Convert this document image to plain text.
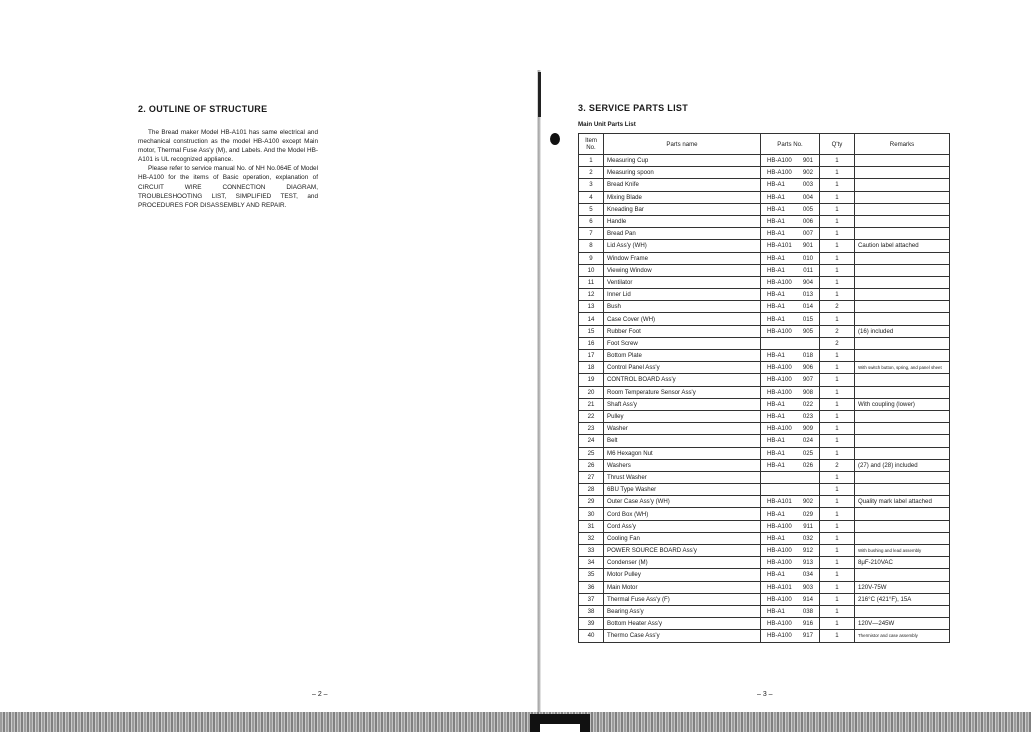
2. OUTLINE OF STRUCTURE

The Bread maker Model HB-A101 has same electrical and mechanical construction as the model HB-A100 except Main motor, Thermal Fuse Ass'y (M), and Labels. And the Model HB-A101 is UL recognized appliance.

Please refer to service manual No. of NH No.064E of Model HB-A100 for the items of Basic operation, explanation of CIRCUIT WIRE CONNECTION DIAGRAM, TROUBLESHOOTING LIST, SIMPLIFIED TEST, and PROCEDURES FOR DISASSEMBLY AND REPAIR.

– 2 –
3. SERVICE PARTS LIST
Main Unit Parts List
Item
No.	Parts name	Parts No.	Q'ty	Remarks
1	Measuring Cup	HB-A100 901	1	
2	Measuring spoon	HB-A100 902	1	
3	Bread Knife	HB-A1 003	1	
4	Mixing Blade	HB-A1 004	1	
5	Kneading Bar	HB-A1 005	1	
6	Handle	HB-A1 006	1	
7	Bread Pan	HB-A1 007	1	
8	Lid Ass'y (WH)	HB-A101 901	1	Caution label attached
9	Window Frame	HB-A1 010	1	
10	Viewing Window	HB-A1 011	1	
11	Ventilator	HB-A100 904	1	
12	Inner Lid	HB-A1 013	1	
13	Bush	HB-A1 014	2	
14	Case Cover (WH)	HB-A1 015	1	
15	Rubber Foot	HB-A100 905	2	(16) included
16	Foot Screw		2	
17	Bottom Plate	HB-A1 018	1	
18	Control Panel Ass'y	HB-A100 906	1	With switch button, spring, and panel sheet
19	CONTROL BOARD Ass'y	HB-A100 907	1	
20	Room Temperature Sensor Ass'y	HB-A100 908	1	
21	Shaft Ass'y	HB-A1 022	1	With coupling (lower)
22	Pulley	HB-A1 023	1	
23	Washer	HB-A100 909	1	
24	Belt	HB-A1 024	1	
25	M6 Hexagon Nut	HB-A1 025	1	
26	Washers	HB-A1 026	2	(27) and (28) included
27	Thrust Washer		1	
28	6BU Type Washer		1	
29	Outer Case Ass'y (WH)	HB-A101 902	1	Quality mark label attached
30	Cord Box (WH)	HB-A1 029	1	
31	Cord Ass'y	HB-A100 911	1	
32	Cooling Fan	HB-A1 032	1	
33	POWER SOURCE BOARD Ass'y	HB-A100 912	1	With bushing and lead assembly
34	Condenser (M)	HB-A100 913	1	8μF-210VAC
35	Motor Pulley	HB-A1 034	1	
36	Main Motor	HB-A101 903	1	120V-75W
37	Thermal Fuse Ass'y (F)	HB-A100 914	1	216°C (421°F), 15A
38	Bearing Ass'y	HB-A1 038	1	
39	Bottom Heater Ass'y	HB-A100 916	1	120V—245W
40	Thermo Case Ass'y	HB-A100 917	1	Thermistor and case assembly
– 3 –
